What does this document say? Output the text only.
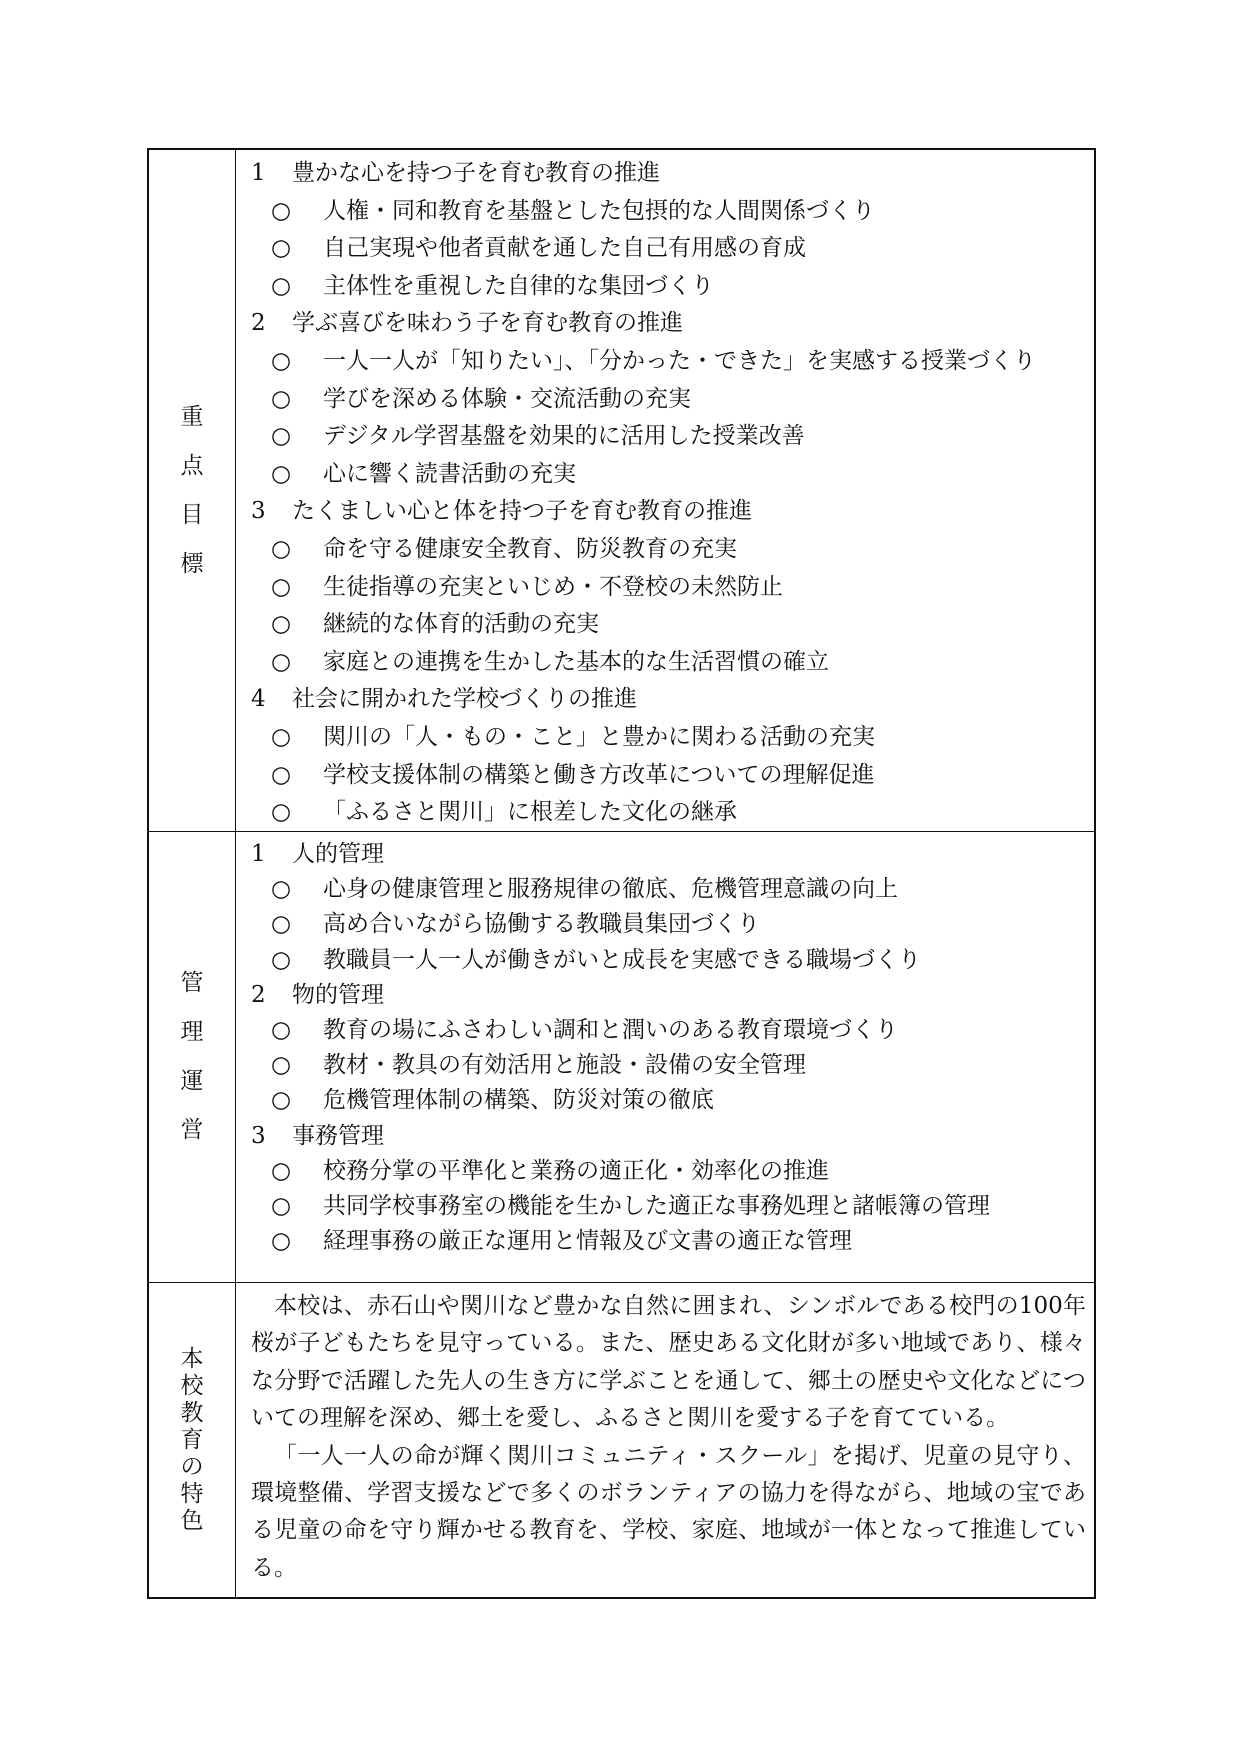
重
点
目
標
1 豊かな心を持つ子を育む教育の推進
○ 人権・同和教育を基盤とした包摂的な人間関係づくり
○ 自己実現や他者貢献を通した自己有用感の育成
○ 主体性を重視した自律的な集団づくり
2 学ぶ喜びを味わう子を育む教育の推進
○ 一人一人が「知りたい」、「分かった・できた」を実感する授業づくり
○ 学びを深める体験・交流活動の充実
○ デジタル学習基盤を効果的に活用した授業改善
○ 心に響く読書活動の充実
3 たくましい心と体を持つ子を育む教育の推進
○ 命を守る健康安全教育、防災教育の充実
○ 生徒指導の充実といじめ・不登校の未然防止
○ 継続的な体育的活動の充実
○ 家庭との連携を生かした基本的な生活習慣の確立
4 社会に開かれた学校づくりの推進
○ 関川の「人・もの・こと」と豊かに関わる活動の充実
○ 学校支援体制の構築と働き方改革についての理解促進
○ 「ふるさと関川」に根差した文化の継承
管
理
運
営
1 人的管理
○ 心身の健康管理と服務規律の徹底、危機管理意識の向上
○ 高め合いながら協働する教職員集団づくり
○ 教職員一人一人が働きがいと成長を実感できる職場づくり
2 物的管理
○ 教育の場にふさわしい調和と潤いのある教育環境づくり
○ 教材・教具の有効活用と施設・設備の安全管理
○ 危機管理体制の構築、防災対策の徹底
3 事務管理
○ 校務分掌の平準化と業務の適正化・効率化の推進
○ 共同学校事務室の機能を生かした適正な事務処理と諸帳簿の管理
○ 経理事務の厳正な運用と情報及び文書の適正な管理
本
校
教
育
の
特
色

本校は、赤石山や関川など豊かな自然に囲まれ、シンボルである校門の100年桜が子どもたちを見守っている。また、歴史ある文化財が多い地域であり、様々な分野で活躍した先人の生き方に学ぶことを通して、郷土の歴史や文化などについての理解を深め、郷土を愛し、ふるさと関川を愛する子を育てている。

「一人一人の命が輝く関川コミュニティ・スクール」を掲げ、児童の見守り、環境整備、学習支援などで多くのボランティアの協力を得ながら、地域の宝である児童の命を守り輝かせる教育を、学校、家庭、地域が一体となって推進している。
